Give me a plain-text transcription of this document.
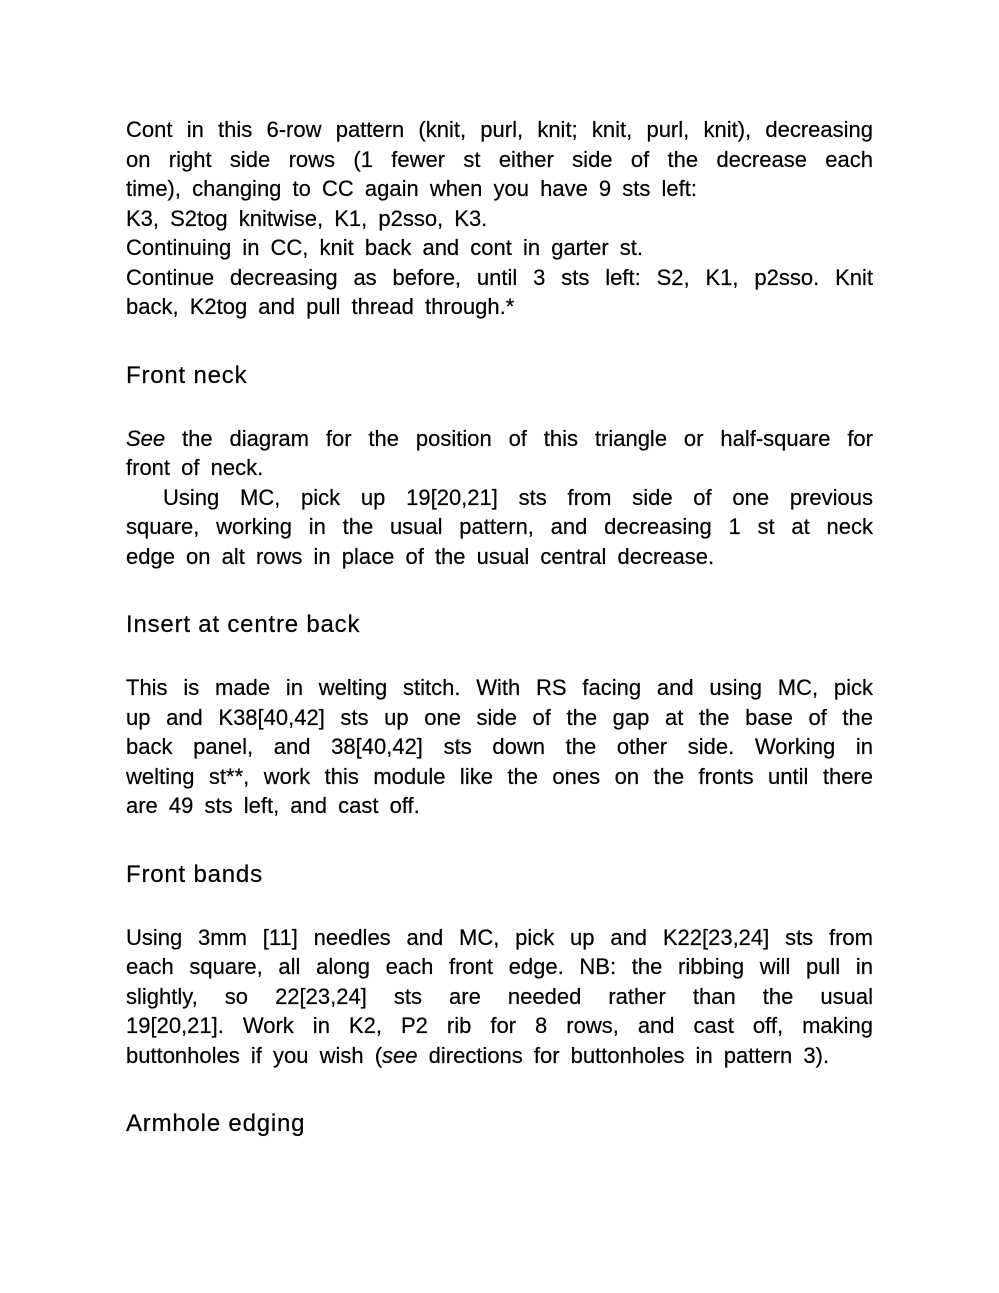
Cont in this 6-row pattern (knit, purl, knit; knit, purl, knit), decreasing
on right side rows (1 fewer st either side of the decrease each
time), changing to CC again when you have 9 sts left:
K3, S2tog knitwise, K1, p2sso, K3.
Continuing in CC, knit back and cont in garter st.
Continue decreasing as before, until 3 sts left: S2, K1, p2sso. Knit
back, K2tog and pull thread through.*
Front neck
See the diagram for the position of this triangle or half-square for
front of neck.
Using MC, pick up 19[20,21] sts from side of one previous
square, working in the usual pattern, and decreasing 1 st at neck
edge on alt rows in place of the usual central decrease.
Insert at centre back
This is made in welting stitch. With RS facing and using MC, pick
up and K38[40,42] sts up one side of the gap at the base of the
back panel, and 38[40,42] sts down the other side. Working in
welting st**, work this module like the ones on the fronts until there
are 49 sts left, and cast off.
Front bands
Using 3mm [11] needles and MC, pick up and K22[23,24] sts from
each square, all along each front edge. NB: the ribbing will pull in
slightly, so 22[23,24] sts are needed rather than the usual
19[20,21]. Work in K2, P2 rib for 8 rows, and cast off, making
buttonholes if you wish (see directions for buttonholes in pattern 3).
Armhole edging
